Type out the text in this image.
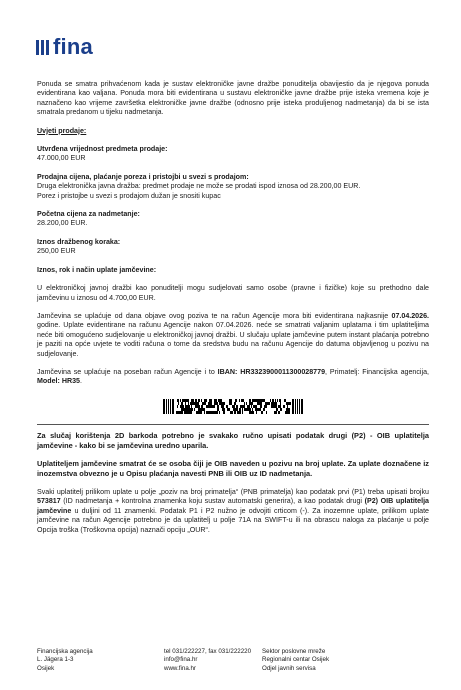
fina

Ponuda se smatra prihvaćenom kada je sustav elektroničke javne dražbe ponuditelja obavijestio da je njegova ponuda evidentirana kao valjana. Ponuda mora biti evidentirana u sustavu elektroničke javne dražbe prije isteka vremena koje je naznačeno kao vrijeme završetka elektroničke javne dražbe (odnosno prije isteka produljenog nadmetanja) da bi se ista smatrala predanom u tijeku nadmetanja.

Uvjeti prodaje:

Utvrđena vrijednost predmeta prodaje:

47.000,00 EUR

Prodajna cijena, plaćanje poreza i pristojbi u svezi s prodajom:

Druga elektronička javna dražba: predmet prodaje ne može se prodati ispod iznosa od 28.200,00 EUR.

Porez i pristojbe u svezi s prodajom dužan je snositi kupac

Početna cijena za nadmetanje:

28.200,00 EUR.

Iznos dražbenog koraka:

250,00 EUR

Iznos, rok i način uplate jamčevine:

U elektroničkoj javnoj dražbi kao ponuditelji mogu sudjelovati samo osobe (pravne i fizičke) koje su prethodno dale jamčevinu u iznosu od 4.700,00 EUR.

Jamčevina se uplaćuje od dana objave ovog poziva te na račun Agencije mora biti evidentirana najkasnije 07.04.2026. godine. Uplate evidentirane na računu Agencije nakon 07.04.2026. neće se smatrati valjanim uplatama i tim uplatiteljima neće biti omogućeno sudjelovanje u elektroničkoj javnoj dražbi. U slučaju uplate jamčevine putem instant plaćanja potrebno je paziti na opće uvjete te voditi računa o tome da sredstva budu na računu Agencije do datuma objavljenog u pozivu na sudjelovanje.

Jamčevina se uplaćuje na poseban račun Agencije i to IBAN: HR3323900011300028779, Primatelj: Financijska agencija, Model: HR35.

Za slučaj korištenja 2D barkoda potrebno je svakako ručno upisati podatak drugi (P2) - OIB uplatitelja jamčevine - kako bi se jamčevina uredno uparila.

Uplatiteljem jamčevine smatrat će se osoba čiji je OIB naveden u pozivu na broj uplate. Za uplate doznačene iz inozemstva obvezno je u Opisu plaćanja navesti PNB ili OIB uz ID nadmetanja.

Svaki uplatitelj prilikom uplate u polje „poziv na broj primatelja“ (PNB primatelja) kao podatak prvi (P1) treba upisati brojku 573817 (ID nadmetanja + kontrolna znamenka koju sustav automatski generira), a kao podatak drugi (P2) OIB uplatitelja jamčevine u duljini od 11 znamenki. Podatak P1 i P2 nužno je odvojiti crticom (-). Za inozemne uplate, prilikom uplate jamčevine na račun Agencije potrebno je da uplatitelj u polje 71A na SWIFT-u ili na obrascu naloga za plaćanje u polje Opcija troška (Troškovna opcija) naznači opciju „OUR“.

Financijska agencija
L. Jägera 1-3
Osijek
tel 031/222227, fax 031/222220
info@fina.hr
www.fina.hr
Sektor poslovne mreže
Regionalni centar Osijek
Odjel javnih servisa
